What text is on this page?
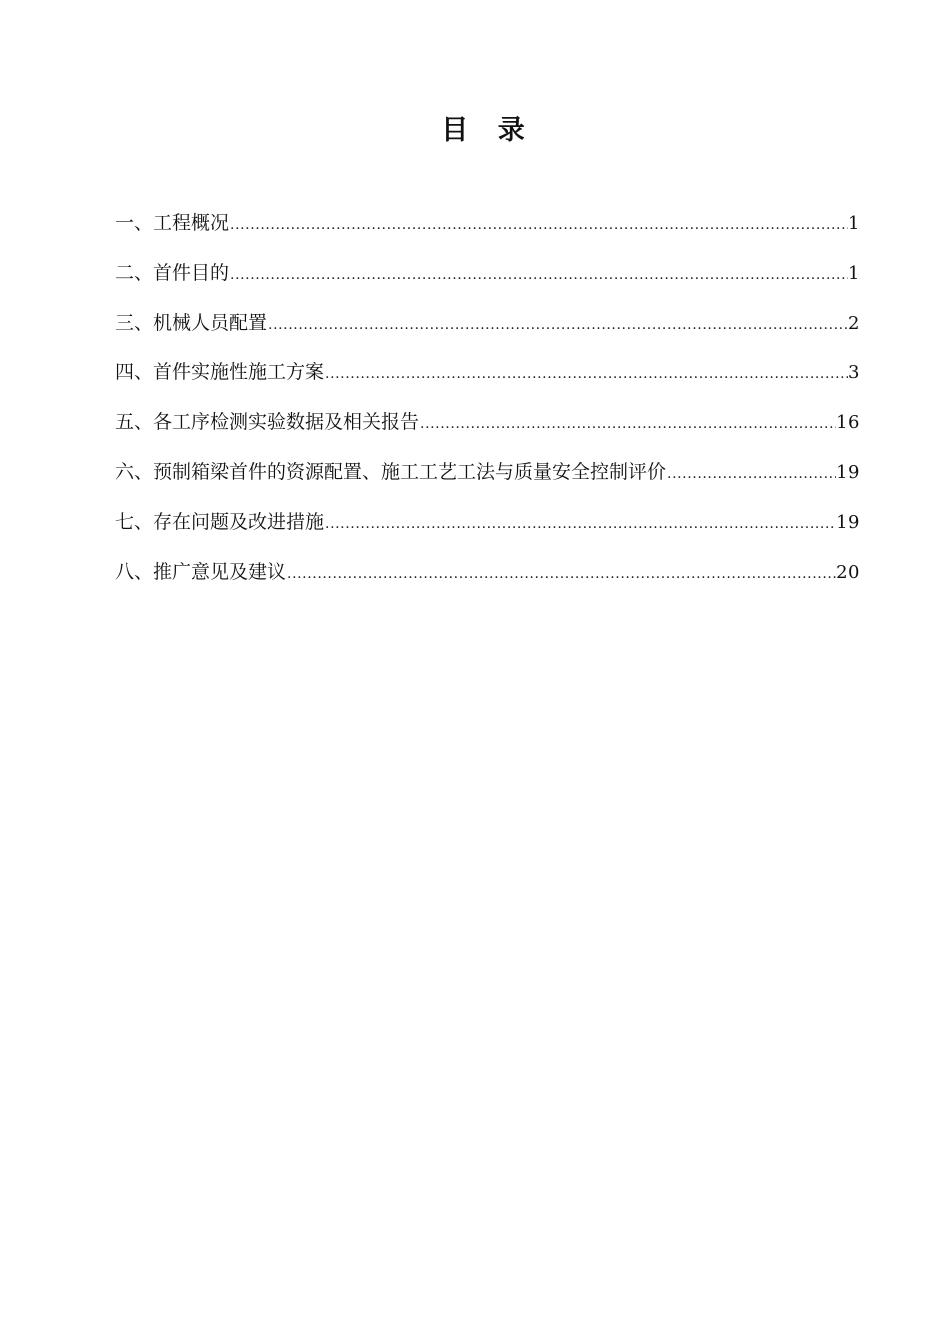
目 录
一、工程概况 .....	1
二、首件目的 .....	1
三、机械人员配置 .....	2
四、首件实施性施工方案 .....	3
五、各工序检测实验数据及相关报告 .....	16
六、预制箱梁首件的资源配置、施工工艺工法与质量安全控制评价 .....	19
七、存在问题及改进措施 .....	19
八、推广意见及建议 .....	20
